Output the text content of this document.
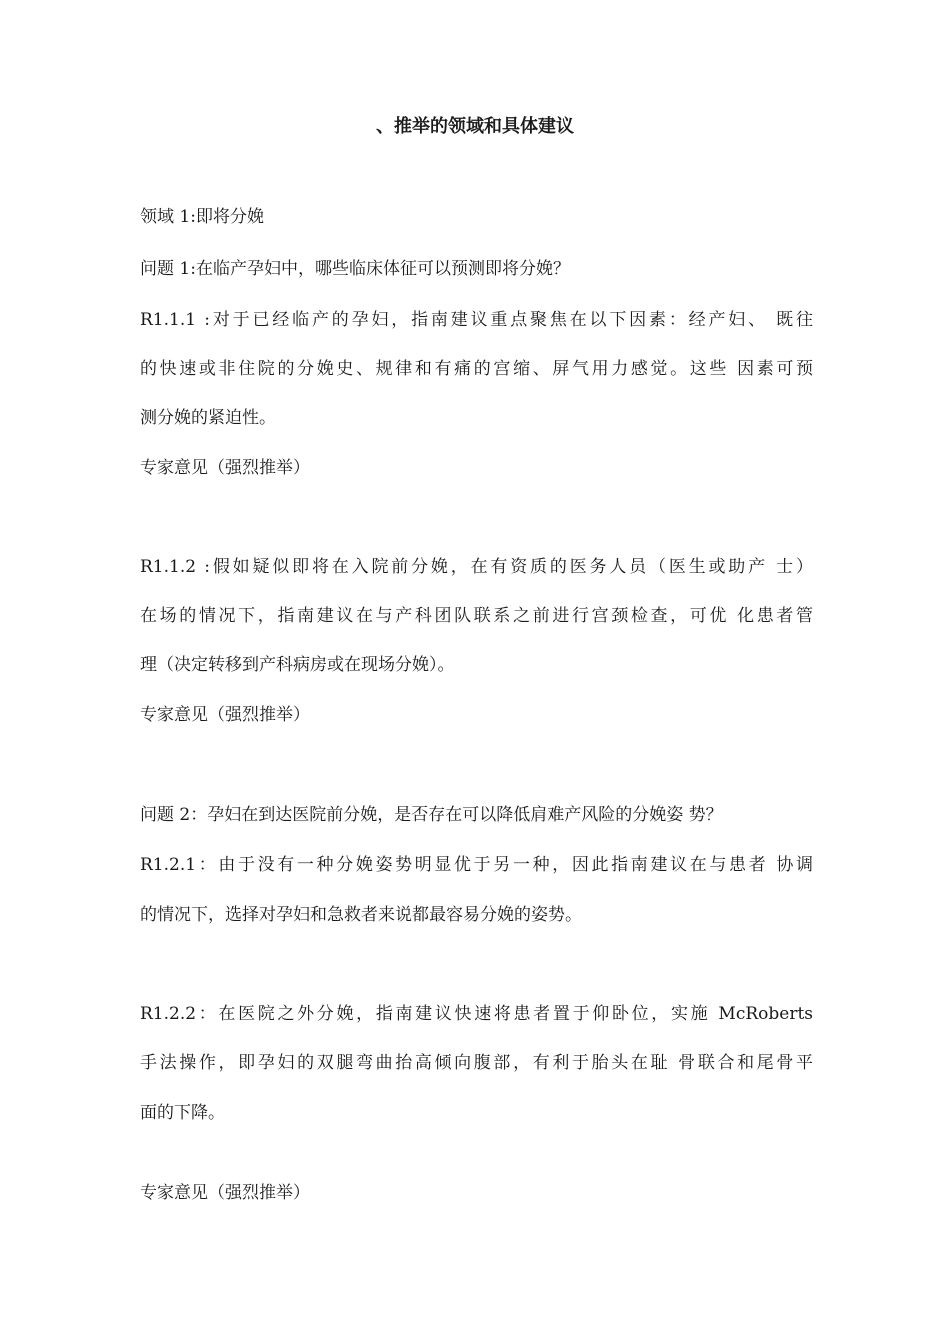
、推举的领域和具体建议

领域 1:即将分娩

问题 1:在临产孕妇中，哪些临床体征可以预测即将分娩？

R1.1.1 :对于已经临产的孕妇，指南建议重点聚焦在以下因素：经产妇、 既往

的快速或非住院的分娩史、规律和有痛的宫缩、屏气用力感觉。这些 因素可预

测分娩的紧迫性。

专家意见（强烈推举）

R1.1.2 :假如疑似即将在入院前分娩，在有资质的医务人员（医生或助产 士）

在场的情况下，指南建议在与产科团队联系之前进行宫颈检查，可优 化患者管

理（决定转移到产科病房或在现场分娩）。

专家意见（强烈推举）

问题 2：孕妇在到达医院前分娩，是否存在可以降低肩难产风险的分娩姿 势？

R1.2.1：由于没有一种分娩姿势明显优于另一种，因此指南建议在与患者 协调

的情况下，选择对孕妇和急救者来说都最容易分娩的姿势。

R1.2.2：在医院之外分娩，指南建议快速将患者置于仰卧位，实施 McRoberts

手法操作，即孕妇的双腿弯曲抬高倾向腹部，有利于胎头在耻 骨联合和尾骨平

面的下降。

专家意见（强烈推举）
